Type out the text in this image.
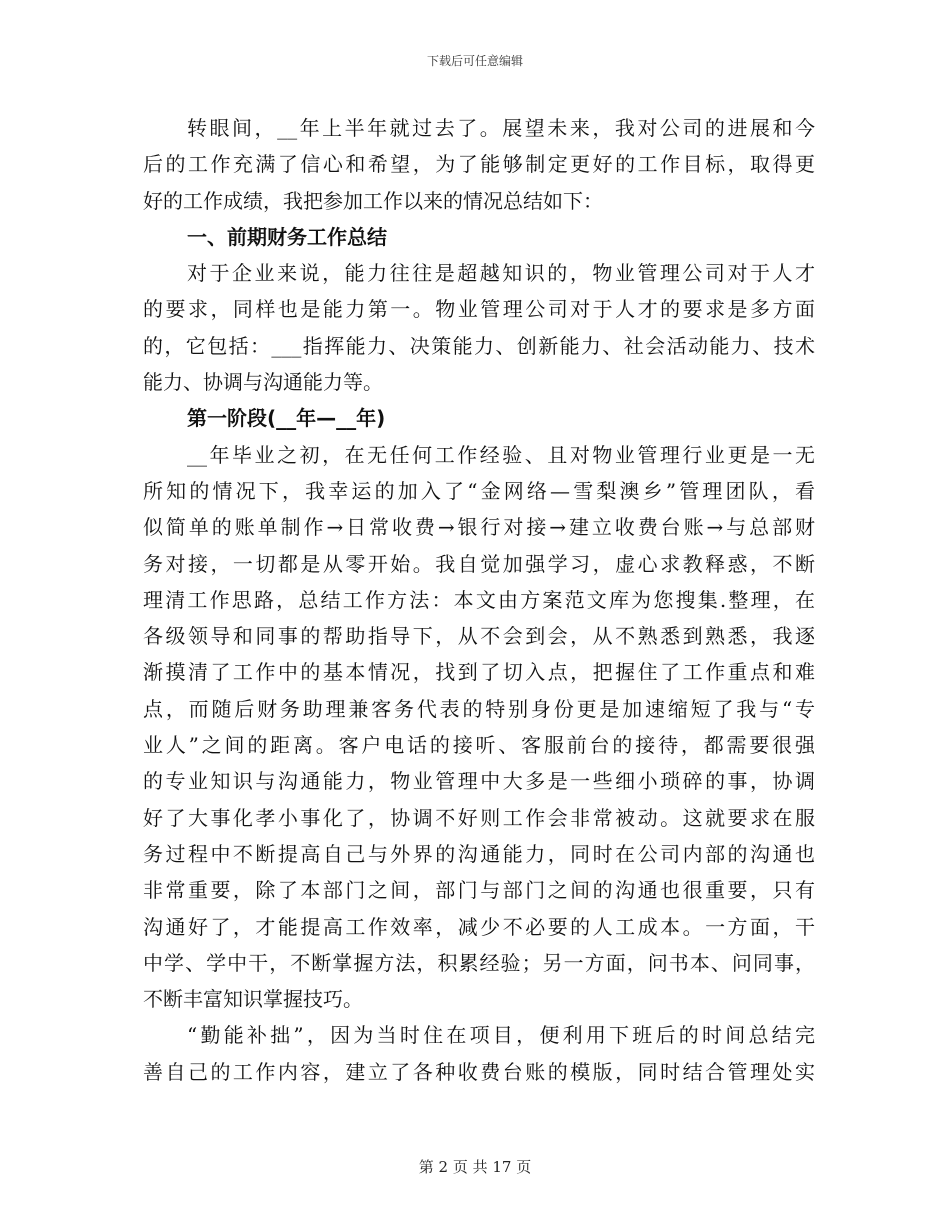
下载后可任意编辑
转眼间，__年上半年就过去了。展望未来，我对公司的进展和今
后的工作充满了信心和希望，为了能够制定更好的工作目标，取得更
好的工作成绩，我把参加工作以来的情况总结如下：
一、前期财务工作总结
对于企业来说，能力往往是超越知识的，物业管理公司对于人才
的要求，同样也是能力第一。物业管理公司对于人才的要求是多方面
的，它包括：___指挥能力、决策能力、创新能力、社会活动能力、技术
能力、协调与沟通能力等。
第一阶段(__年—__年)
__年毕业之初，在无任何工作经验、且对物业管理行业更是一无
所知的情况下，我幸运的加入了“金网络—雪梨澳乡”管理团队，看
似简单的账单制作→日常收费→银行对接→建立收费台账→与总部财
务对接，一切都是从零开始。我自觉加强学习，虚心求教释惑，不断
理清工作思路，总结工作方法：本文由方案范文库为您搜集.整理，在
各级领导和同事的帮助指导下，从不会到会，从不熟悉到熟悉，我逐
渐摸清了工作中的基本情况，找到了切入点，把握住了工作重点和难
点，而随后财务助理兼客务代表的特别身份更是加速缩短了我与“专
业人”之间的距离。客户电话的接听、客服前台的接待，都需要很强
的专业知识与沟通能力，物业管理中大多是一些细小琐碎的事，协调
好了大事化孝小事化了，协调不好则工作会非常被动。这就要求在服
务过程中不断提高自己与外界的沟通能力，同时在公司内部的沟通也
非常重要，除了本部门之间，部门与部门之间的沟通也很重要，只有
沟通好了，才能提高工作效率，减少不必要的人工成本。一方面，干
中学、学中干，不断掌握方法，积累经验；另一方面，问书本、问同事，
不断丰富知识掌握技巧。
“勤能补拙”，因为当时住在项目，便利用下班后的时间总结完
善自己的工作内容，建立了各种收费台账的模版，同时结合管理处实
第 2 页 共 17 页
